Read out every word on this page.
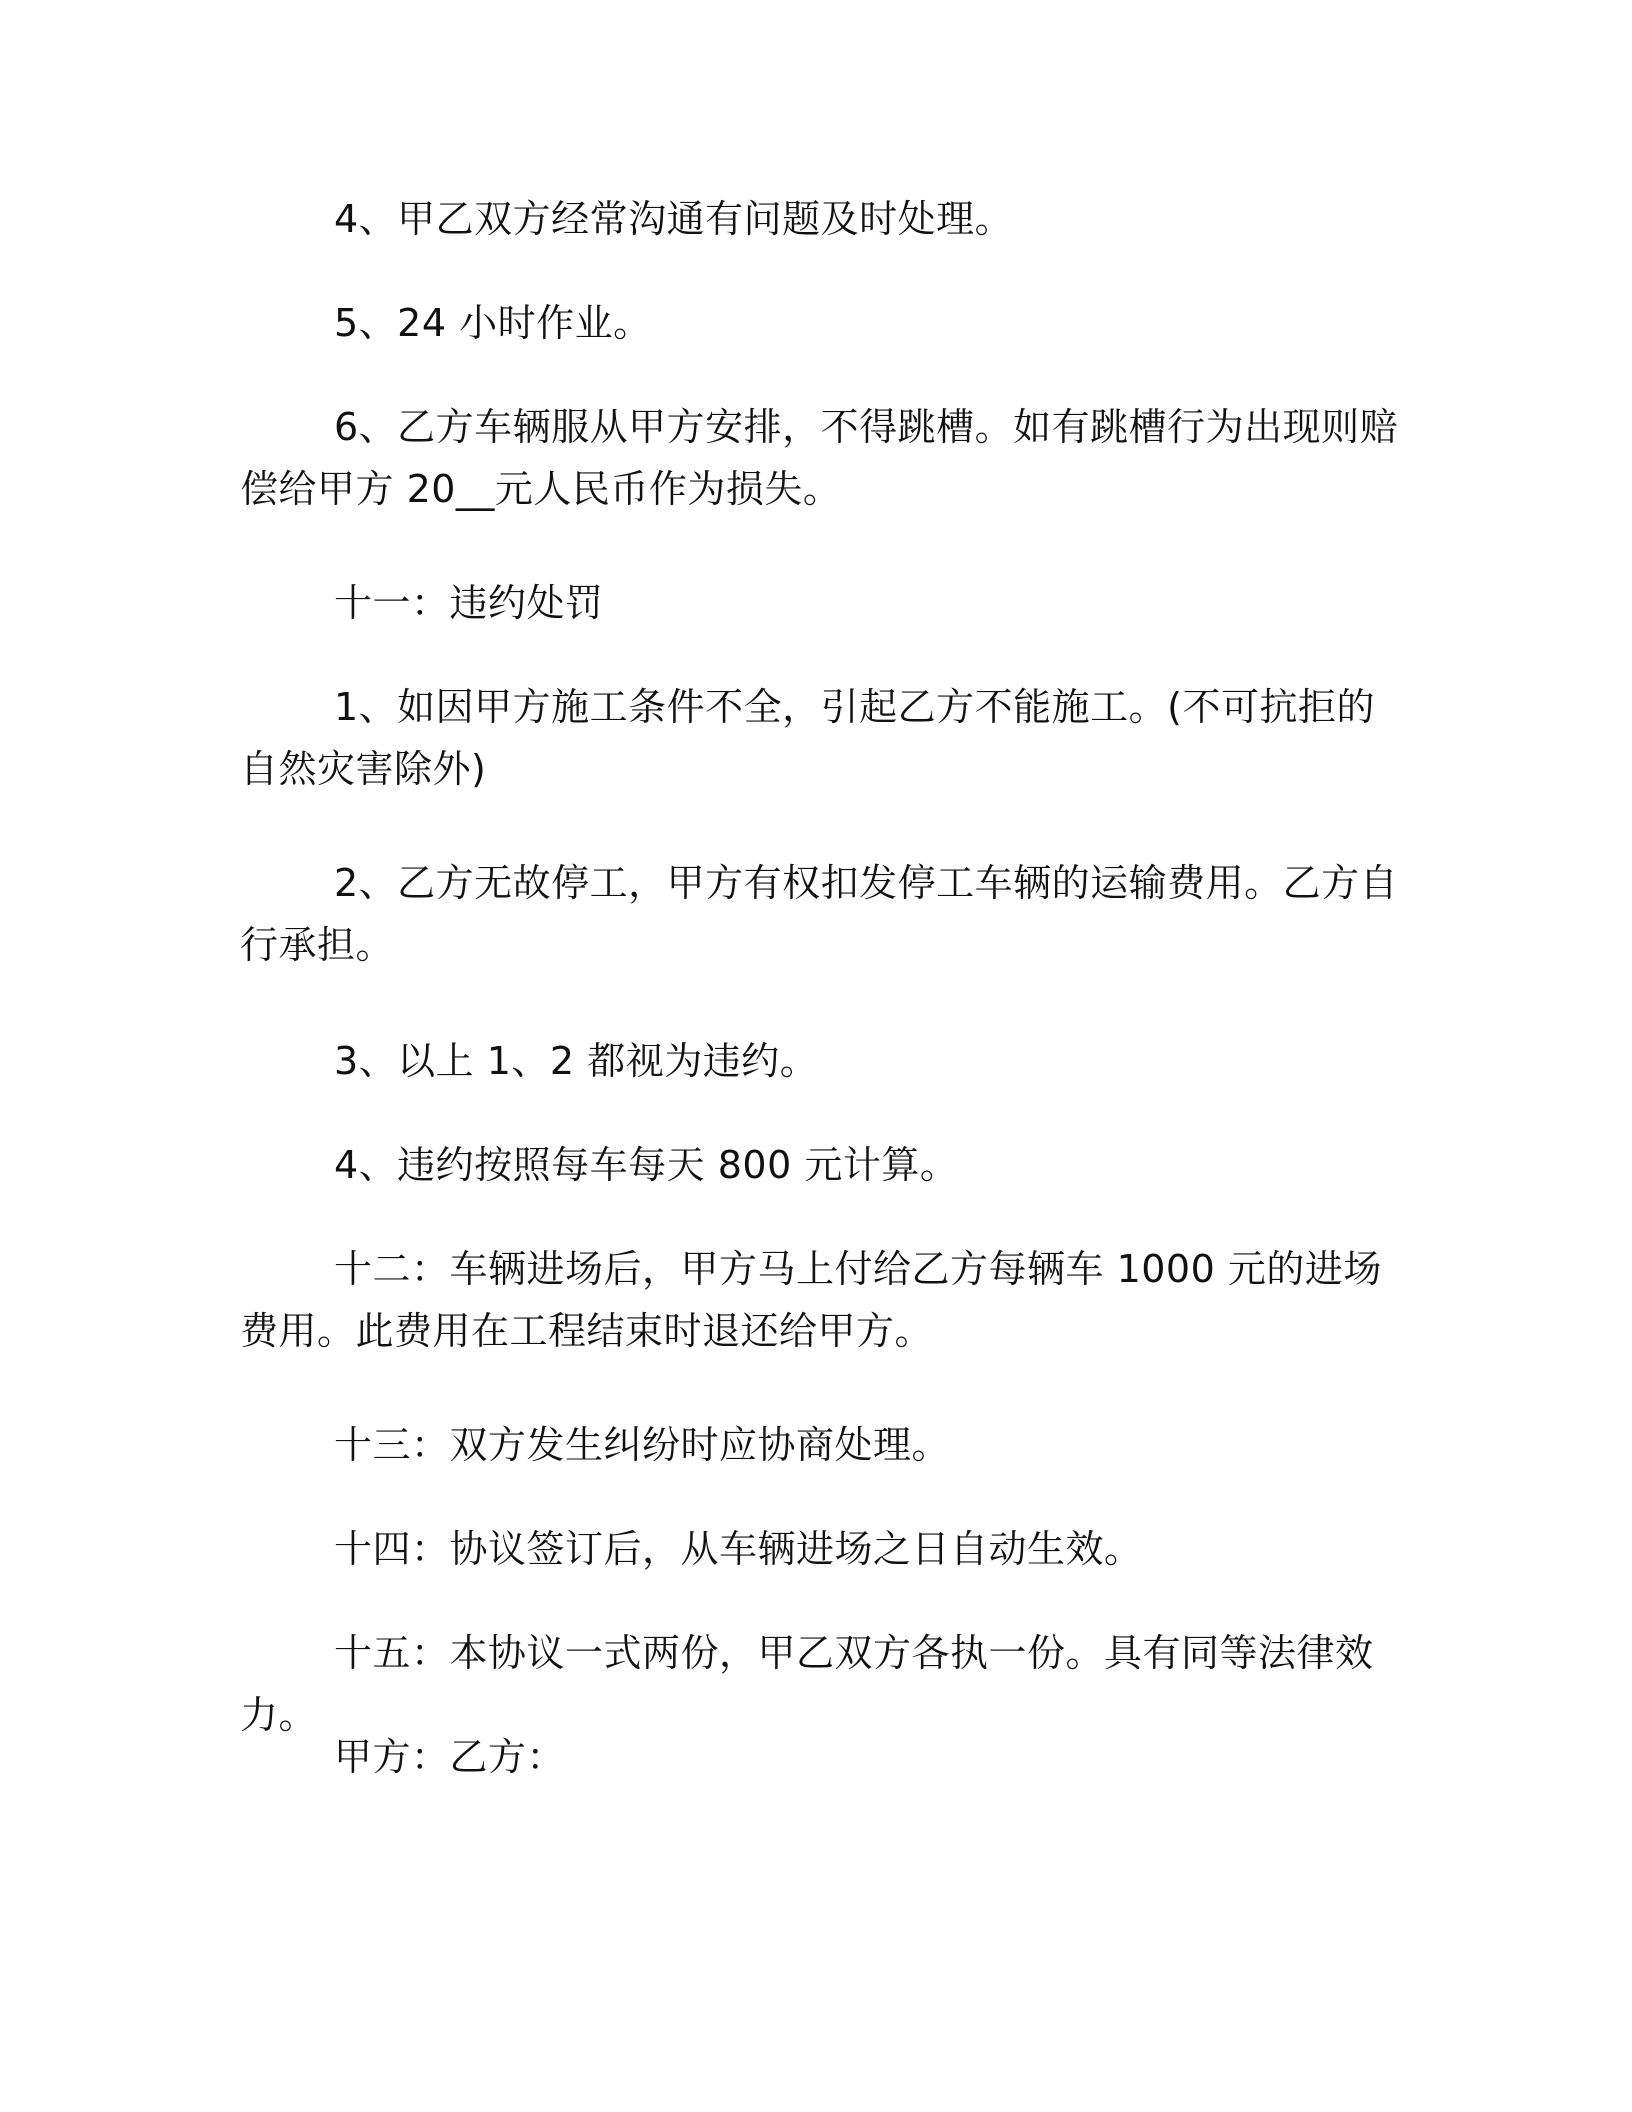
4、甲乙双方经常沟通有问题及时处理。

5、24 小时作业。

6、乙方车辆服从甲方安排，不得跳槽。如有跳槽行为出现则赔偿给甲方 20__元人民币作为损失。

十一：违约处罚

1、如因甲方施工条件不全，引起乙方不能施工。(不可抗拒的自然灾害除外)

2、乙方无故停工，甲方有权扣发停工车辆的运输费用。乙方自行承担。

3、以上 1、2 都视为违约。

4、违约按照每车每天 800 元计算。

十二：车辆进场后，甲方马上付给乙方每辆车 1000 元的进场费用。此费用在工程结束时退还给甲方。

十三：双方发生纠纷时应协商处理。

十四：协议签订后，从车辆进场之日自动生效。

十五：本协议一式两份，甲乙双方各执一份。具有同等法律效力。

甲方：乙方：
